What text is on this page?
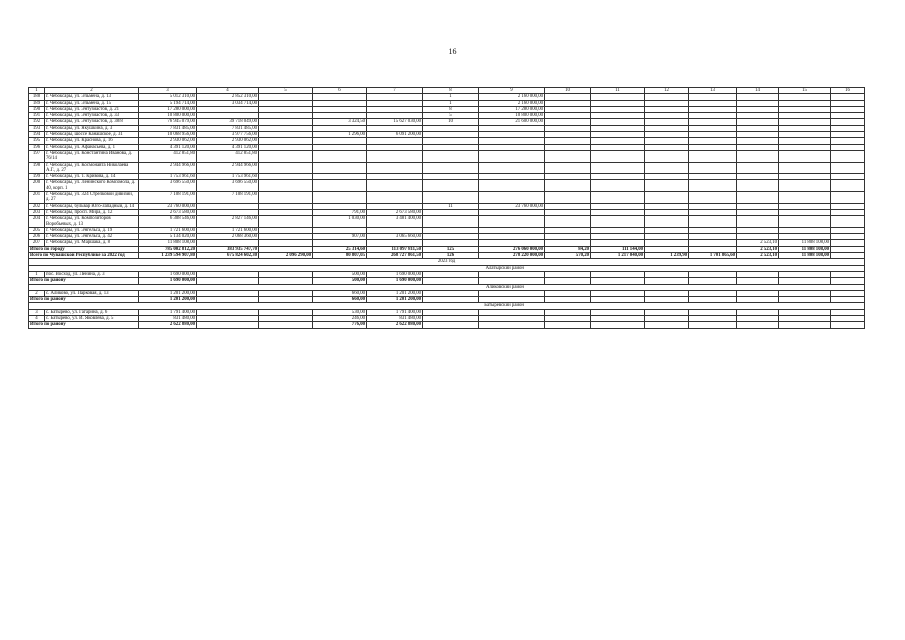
16
1	2	3	4	5	6	7	8	9	10	11	12	13	14	15	16
188	г. Чебоксары, ул. Эльмена, д. 13	5 012 310,00	2 852 310,00				1	2 160 000,00							
189	г. Чебоксары, ул. Эльмена, д. 15	5 194 714,00	3 034 714,00				1	2 160 000,00							
190	г. Чебоксары, ул. Энтузиастов, д. 21	17 280 000,00					8	17 280 000,00							
191	г. Чебоксары, ул. Энтузиастов, д. 33	10 800 000,00					5	10 800 000,00							
192	г. Чебоксары, ул. Энтузиастов, д. 38/8	76 945 079,00	39 718 049,00		3 324,50	15 627 030,00	10	21 600 000,00							
193	г. Чебоксары, ул. Якушкина, д. 3	7 831 485,00	7 831 485,00												
194	г. Чебоксары, шоссе Канашское, д. 31	10 068 956,00	3 977 756,00		1 296,00	6 091 200,00									
195	г. Чебоксары, ул. Краснова, д. 16	2 930 062,00	2 930 062,00												
196	г. Чебоксары, ул. Афанасьева, д. 1	4 391 120,00	4 391 120,00												
197	г. Чебоксары, ул. Константина Иванова, д. 76/14	412 851,80	412 851,80												
198	г. Чебоксары, ул. Космонавта Николаева А.Г., д. 27	2 944 966,00	2 944 966,00												
199	г. Чебоксары, ул. Т. Кривова, д. 14	1 753 961,60	1 753 961,60												
200	г. Чебоксары, ул. Ленинского Комсомола, д. 40, корп. 1	3 696 550,00	3 696 550,00												
201	г. Чебоксары, ул. 324 Стрелковой дивизии, д. 27	7 108 191,00	7 108 191,00												
202	г. Чебоксары, бульвар Юго-Западный, д. 14	23 760 000,00					11	23 760 000,00							
203	г. Чебоксары, просп. Мира, д. 12	2 673 580,00			791,00	2 673 580,00									
204	г. Чебоксары, ул. Композиторов Воробьевых, д. 13	6 308 546,00	2 827 146,00		1 030,00	3 481 400,00									
205	г. Чебоксары, ул. Энгельса, д. 19	1 721 600,00	1 721 600,00												
206	г. Чебоксары, ул. Энгельса, д. 42	5 134 020,00	2 068 360,00		907,00	3 065 660,00									
207	г. Чебоксары, ул. Маршака, д. 8	11 808 108,00											2 523,10	11 808 108,00	
Итого по городу		785 002 812,20	383 935 747,70		25 314,60	113 097 811,50	125	276 060 000,00	84,20	111 144,00			2 523,10	11 808 108,00	
Всего по Чувашской Республике за 2022 год		1 239 594 907,80	675 824 602,30	2 096 290,00	80 807,05	268 727 861,50	126	278 220 000,00	570,20	1 217 040,00	1 239,90	1 701 865,60	2 523,10	11 808 108,00	
2023 год															
Алатырский район															
1	пос. Восход, ул. Ленина, д. 3	1 690 000,00			500,00	1 690 000,00									
Итого по району		1 690 000,00			500,00	1 690 000,00									
Аликовский район															
2	с. Аликово, ул. Парковая, д. 13	1 201 200,00			660,00	1 201 200,00									
Итого по району		1 201 200,00			660,00	1 201 200,00									
Батыревский район															
3	с. Батырево, ул. Гагарина, д. 6	1 791 400,00			530,00	1 791 400,00									
4	с. Батырево, ул. И. Яковлева, д. 5	831 480,00			246,00	831 480,00									
Итого по району		2 622 880,00			776,00	2 622 880,00									
